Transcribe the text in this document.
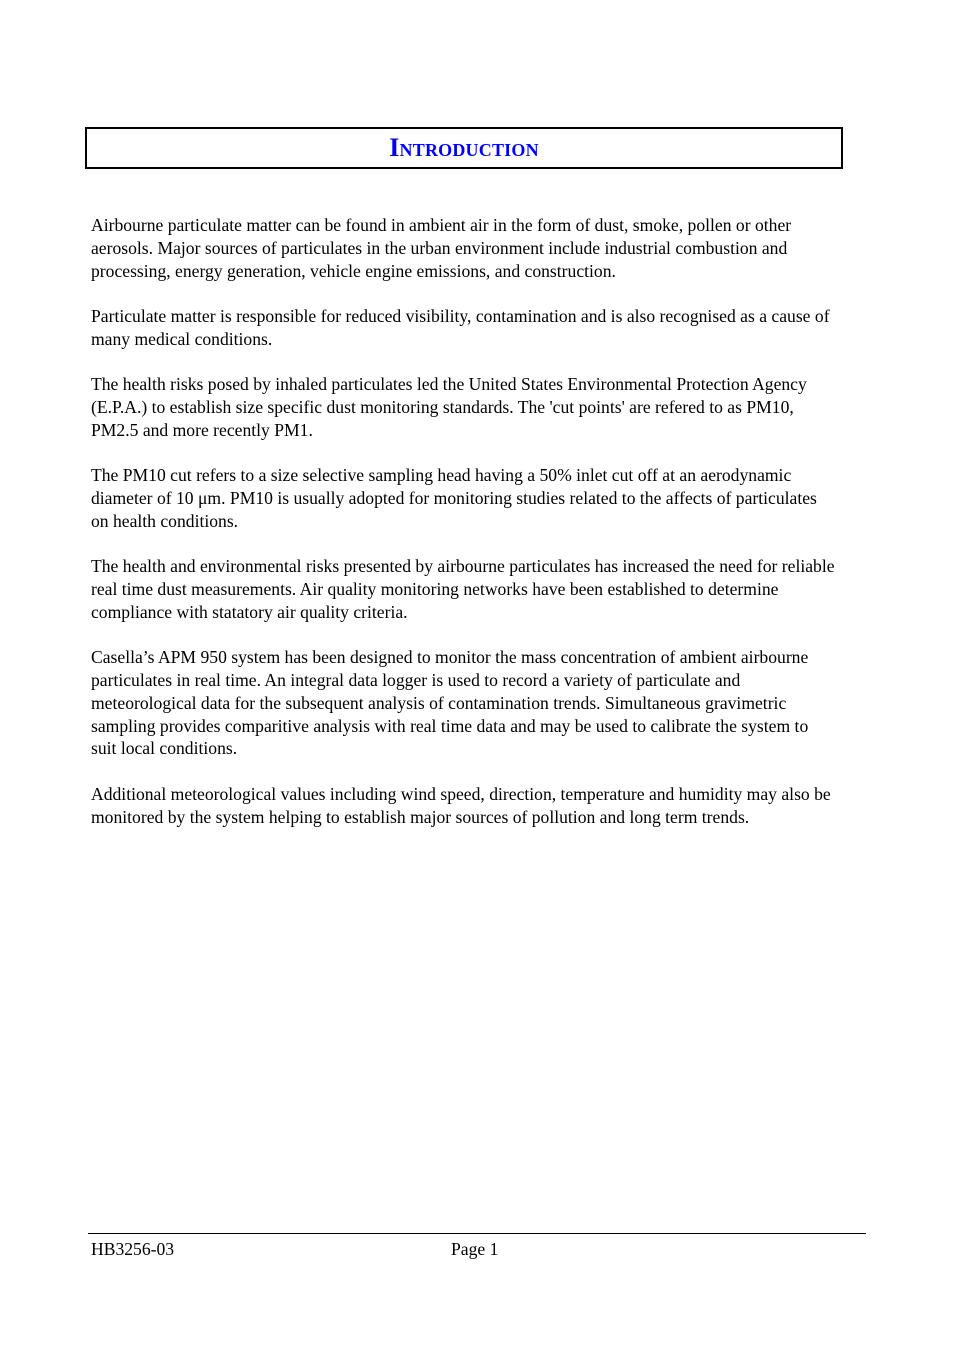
Introduction

Airbourne particulate matter can be found in ambient air in the form of dust, smoke, pollen or other aerosols. Major sources of particulates in the urban environment include industrial combustion and processing, energy generation, vehicle engine emissions, and construction.

Particulate matter is responsible for reduced visibility, contamination and is also recognised as a cause of many medical conditions.

The health risks posed by inhaled particulates led the United States Environmental Protection Agency (E.P.A.) to establish size specific dust monitoring standards. The 'cut points' are refered to as PM10, PM2.5 and more recently PM1.

The PM10 cut refers to a size selective sampling head having a 50% inlet cut off at an aerodynamic diameter of 10 μm. PM10 is usually adopted for monitoring studies related to the affects of particulates on health conditions.

The health and environmental risks presented by airbourne particulates has increased the need for reliable real time dust measurements. Air quality monitoring networks have been established to determine compliance with statatory air quality criteria.

Casella’s APM 950 system has been designed to monitor the mass concentration of ambient airbourne particulates in real time. An integral data logger is used to record a variety of particulate and meteorological data for the subsequent analysis of contamination trends. Simultaneous gravimetric sampling provides comparitive analysis with real time data and may be used to calibrate the system to suit local conditions.

Additional meteorological values including wind speed, direction, temperature and humidity may also be monitored by the system helping to establish major sources of pollution and long term trends.

HB3256-03	Page 1
